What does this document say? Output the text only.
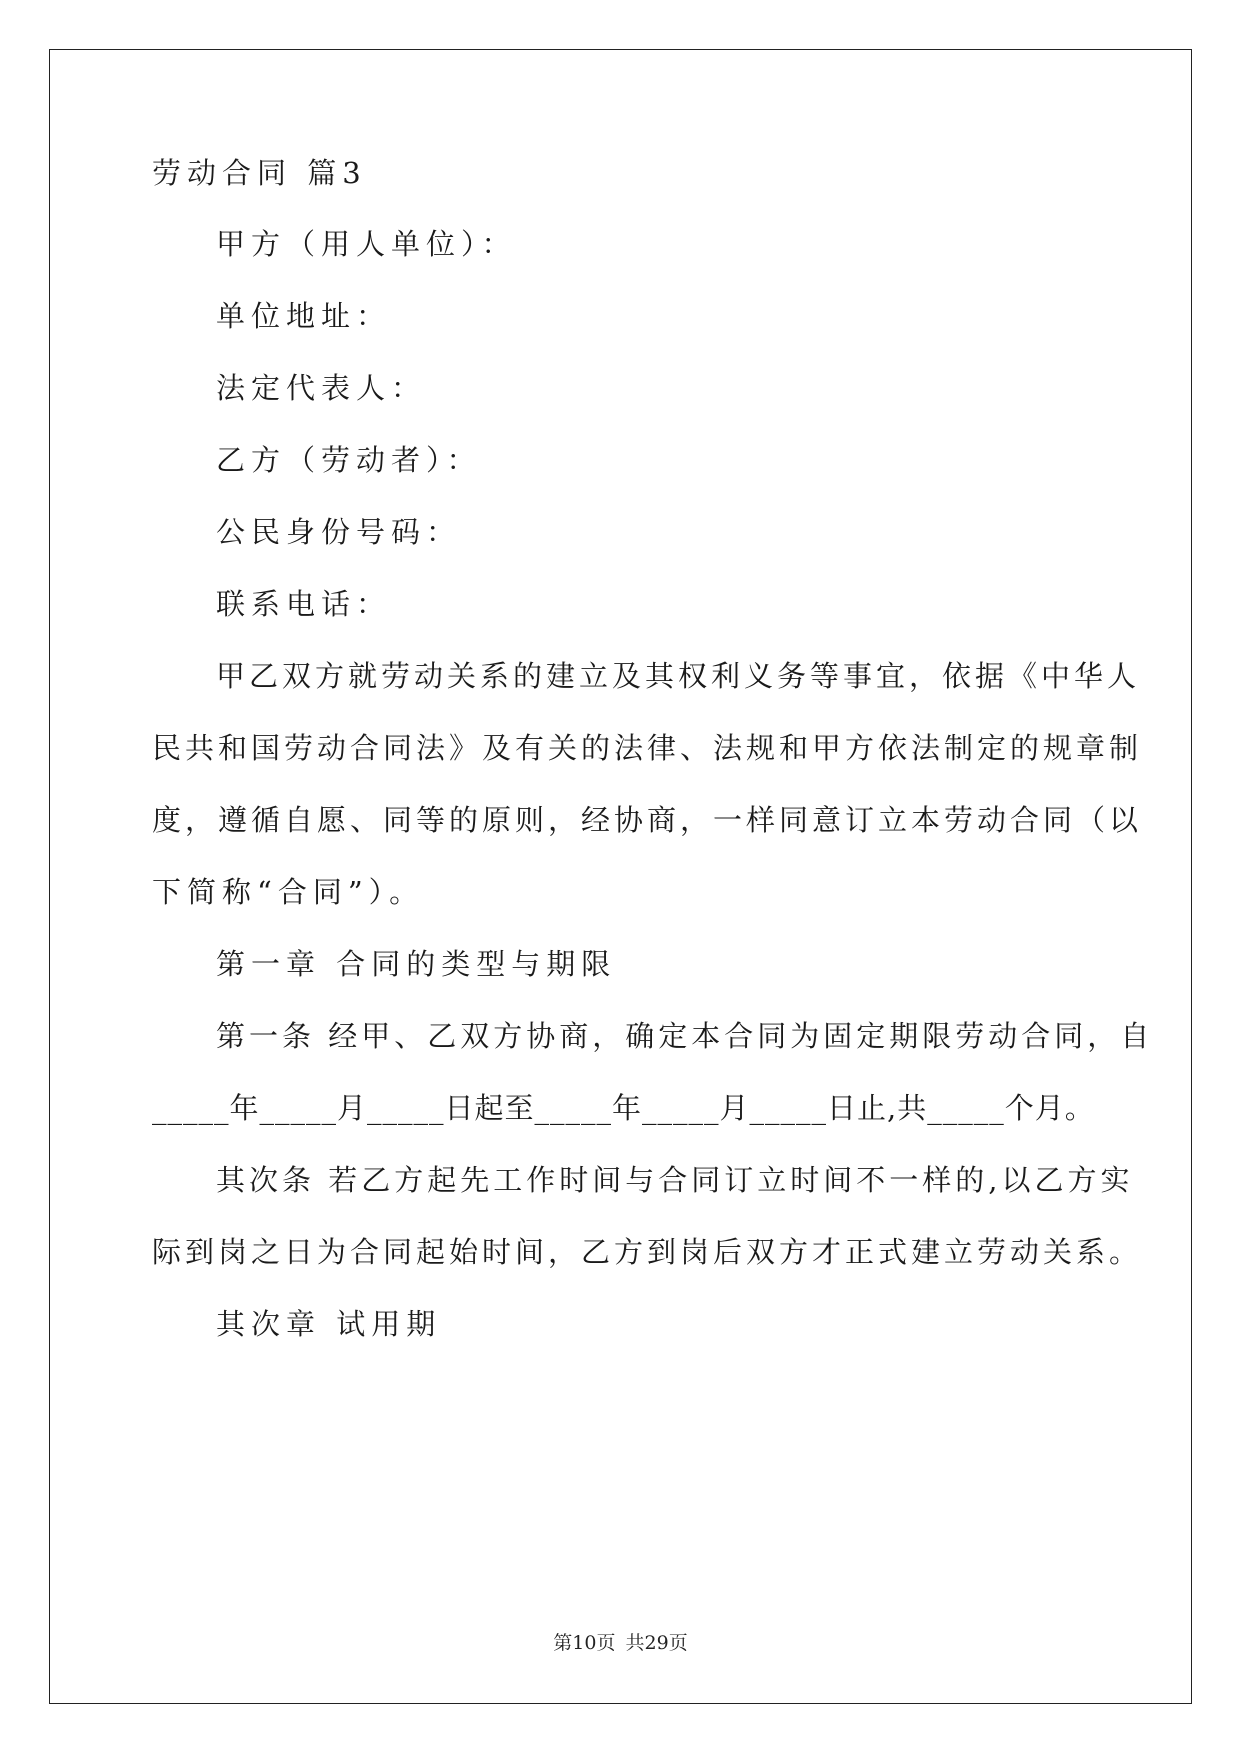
劳动合同 篇3
甲方（用人单位）：
单位地址：
法定代表人：
乙方（劳动者）：
公民身份号码：
联系电话：
甲乙双方就劳动关系的建立及其权利义务等事宜，依据《中华人
民共和国劳动合同法》及有关的法律、法规和甲方依法制定的规章制
度，遵循自愿、同等的原则，经协商，一样同意订立本劳动合同（以
下简称“合同”）。
第一章 合同的类型与期限
第一条 经甲、乙双方协商，确定本合同为固定期限劳动合同，自
_____年_____月_____日起至_____年_____月_____日止,共_____个月。
其次条 若乙方起先工作时间与合同订立时间不一样的,以乙方实
际到岗之日为合同起始时间，乙方到岗后双方才正式建立劳动关系。
其次章 试用期
第10页 共29页
